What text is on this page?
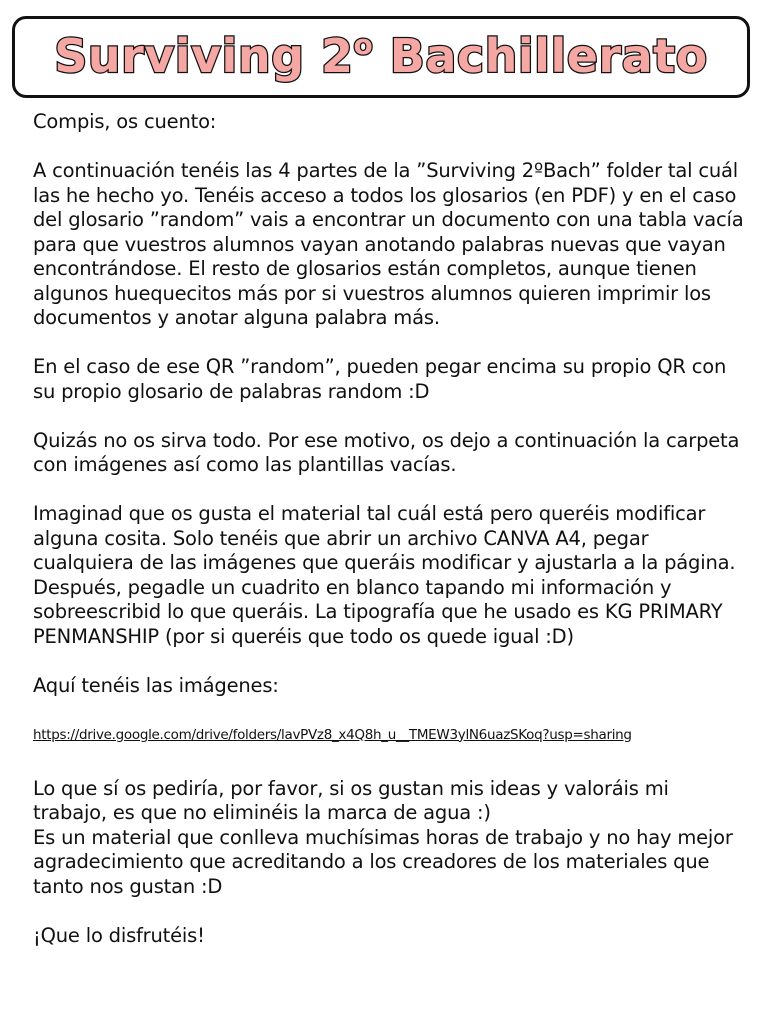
Surviving 2$^o$ Bachillerato

Compis, os cuento:

A continuación tenéis las 4 partes de la ”Surviving 2ºBach” folder tal cuál las he hecho yo. Tenéis acceso a todos los glosarios (en PDF) y en el caso del glosario ”random” vais a encontrar un documento con una tabla vacía para que vuestros alumnos vayan anotando palabras nuevas que vayan encontrándose. El resto de glosarios están completos, aunque tienen algunos huequecitos más por si vuestros alumnos quieren imprimir los documentos y anotar alguna palabra más.

En el caso de ese QR ”random”, pueden pegar encima su propio QR con su propio glosario de palabras random :D

Quizás no os sirva todo. Por ese motivo, os dejo a continuación la carpeta con imágenes así como las plantillas vacías.

Imaginad que os gusta el material tal cuál está pero queréis modificar alguna cosita. Solo tenéis que abrir un archivo CANVA A4, pegar cualquiera de las imágenes que queráis modificar y ajustarla a la página. Después, pegadle un cuadrito en blanco tapando mi información y sobreescribid lo que queráis. La tipografía que he usado es KG PRIMARY PENMANSHIP (por si queréis que todo os quede igual :D)

Aquí tenéis las imágenes:

https://drive.google.com/drive/folders/lavPVz8_x4Q8h_u__TMEW3ylN6uazSKoq?usp=sharing

Lo que sí os pediría, por favor, si os gustan mis ideas y valoráis mi trabajo, es que no eliminéis la marca de agua :)

Es un material que conlleva muchísimas horas de trabajo y no hay mejor agradecimiento que acreditando a los creadores de los materiales que tanto nos gustan :D

¡Que lo disfrutéis!
